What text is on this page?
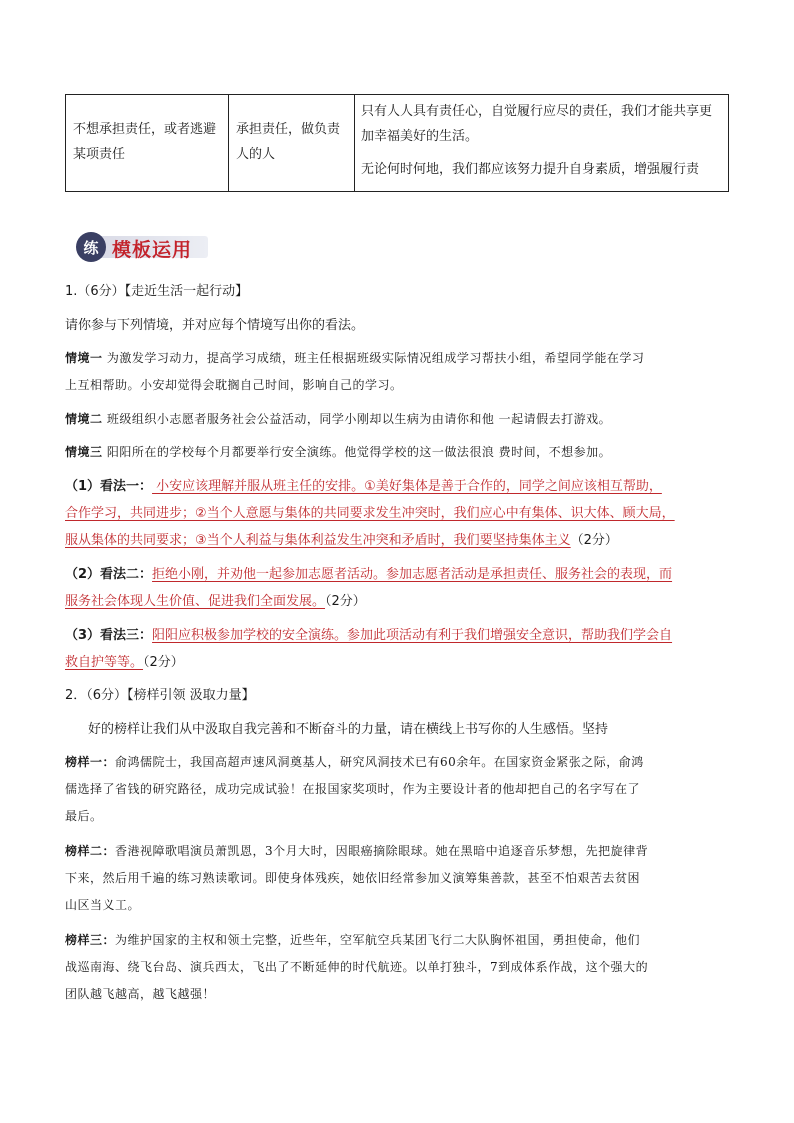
不想承担责任，或者逃避某项责任
承担责任，做负责人的人

只有人人具有责任心，自觉履行应尽的责任，我们才能共享更加幸福美好的生活。

无论何时何地，我们都应该努力提升自身素质，增强履行责

练 模板运用
1.（6分）【走近生活一起行动】
请你参与下列情境，并对应每个情境写出你的看法。
情境一 为激发学习动力，提高学习成绩，班主任根据班级实际情况组成学习帮扶小组，希望同学能在学习
上互相帮助。小安却觉得会耽搁自己时间，影响自己的学习。
情境二 班级组织小志愿者服务社会公益活动，同学小刚却以生病为由请你和他 一起请假去打游戏。
情境三 阳阳所在的学校每个月都要举行安全演练。他觉得学校的这一做法很浪 费时间，不想参加。
（1）看法一： 小安应该理解并服从班主任的安排。①美好集体是善于合作的，同学之间应该相互帮助，
合作学习，共同进步；②当个人意愿与集体的共同要求发生冲突时，我们应心中有集体、识大体、顾大局，
服从集体的共同要求；③当个人利益与集体利益发生冲突和矛盾时，我们要坚持集体主义（2分）
（2）看法二：拒绝小刚，并劝他一起参加志愿者活动。参加志愿者活动是承担责任、服务社会的表现，而
服务社会体现人生价值、促进我们全面发展。（2分）
（3）看法三：阳阳应积极参加学校的安全演练。参加此项活动有利于我们增强安全意识，帮助我们学会自
救自护等等。（2分）
2．（6分）【榜样引领 汲取力量】
好的榜样让我们从中汲取自我完善和不断奋斗的力量，请在横线上书写你的人生感悟。坚持
榜样一：俞鸿儒院士，我国高超声速风洞奠基人，研究风洞技术已有60余年。在国家资金紧张之际，俞鸿
儒选择了省钱的研究路径，成功完成试验！在报国家奖项时，作为主要设计者的他却把自己的名字写在了
最后。
榜样二：香港视障歌唱演员萧凯恩，3个月大时，因眼癌摘除眼球。她在黑暗中追逐音乐梦想，先把旋律背
下来，然后用千遍的练习熟读歌词。即使身体残疾，她依旧经常参加义演筹集善款，甚至不怕艰苦去贫困
山区当义工。
榜样三：为维护国家的主权和领土完整，近些年，空军航空兵某团飞行二大队胸怀祖国，勇担使命，他们
战巡南海、绕飞台岛、演兵西太，飞出了不断延伸的时代航迹。以单打独斗，7到成体系作战，这个强大的
团队越飞越高，越飞越强！
